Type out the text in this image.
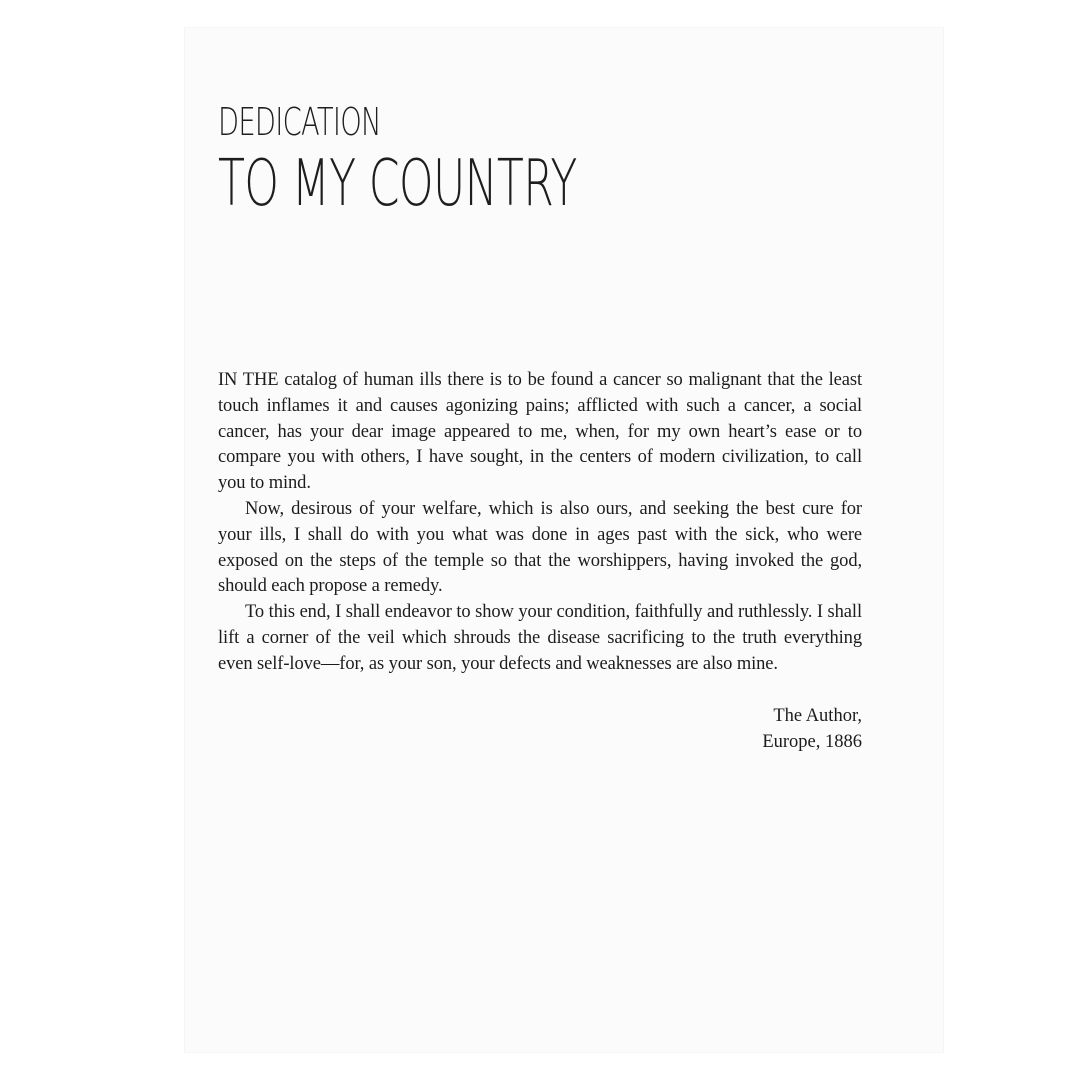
DEDICATION
TO MY COUNTRY

IN THE catalog of human ills there is to be found a cancer so malignant that the least touch inflames it and causes agonizing pains; afflicted with such a cancer, a social cancer, has your dear image appeared to me, when, for my own heart’s ease or to compare you with others, I have sought, in the centers of modern civilization, to call you to mind.

Now, desirous of your welfare, which is also ours, and seeking the best cure for your ills, I shall do with you what was done in ages past with the sick, who were exposed on the steps of the temple so that the worshippers, having invoked the god, should each propose a remedy.

To this end, I shall endeavor to show your condition, faithfully and ruthlessly. I shall lift a corner of the veil which shrouds the disease sacrificing to the truth everything even self-love—for, as your son, your defects and weaknesses are also mine.

The Author,
Europe, 1886
